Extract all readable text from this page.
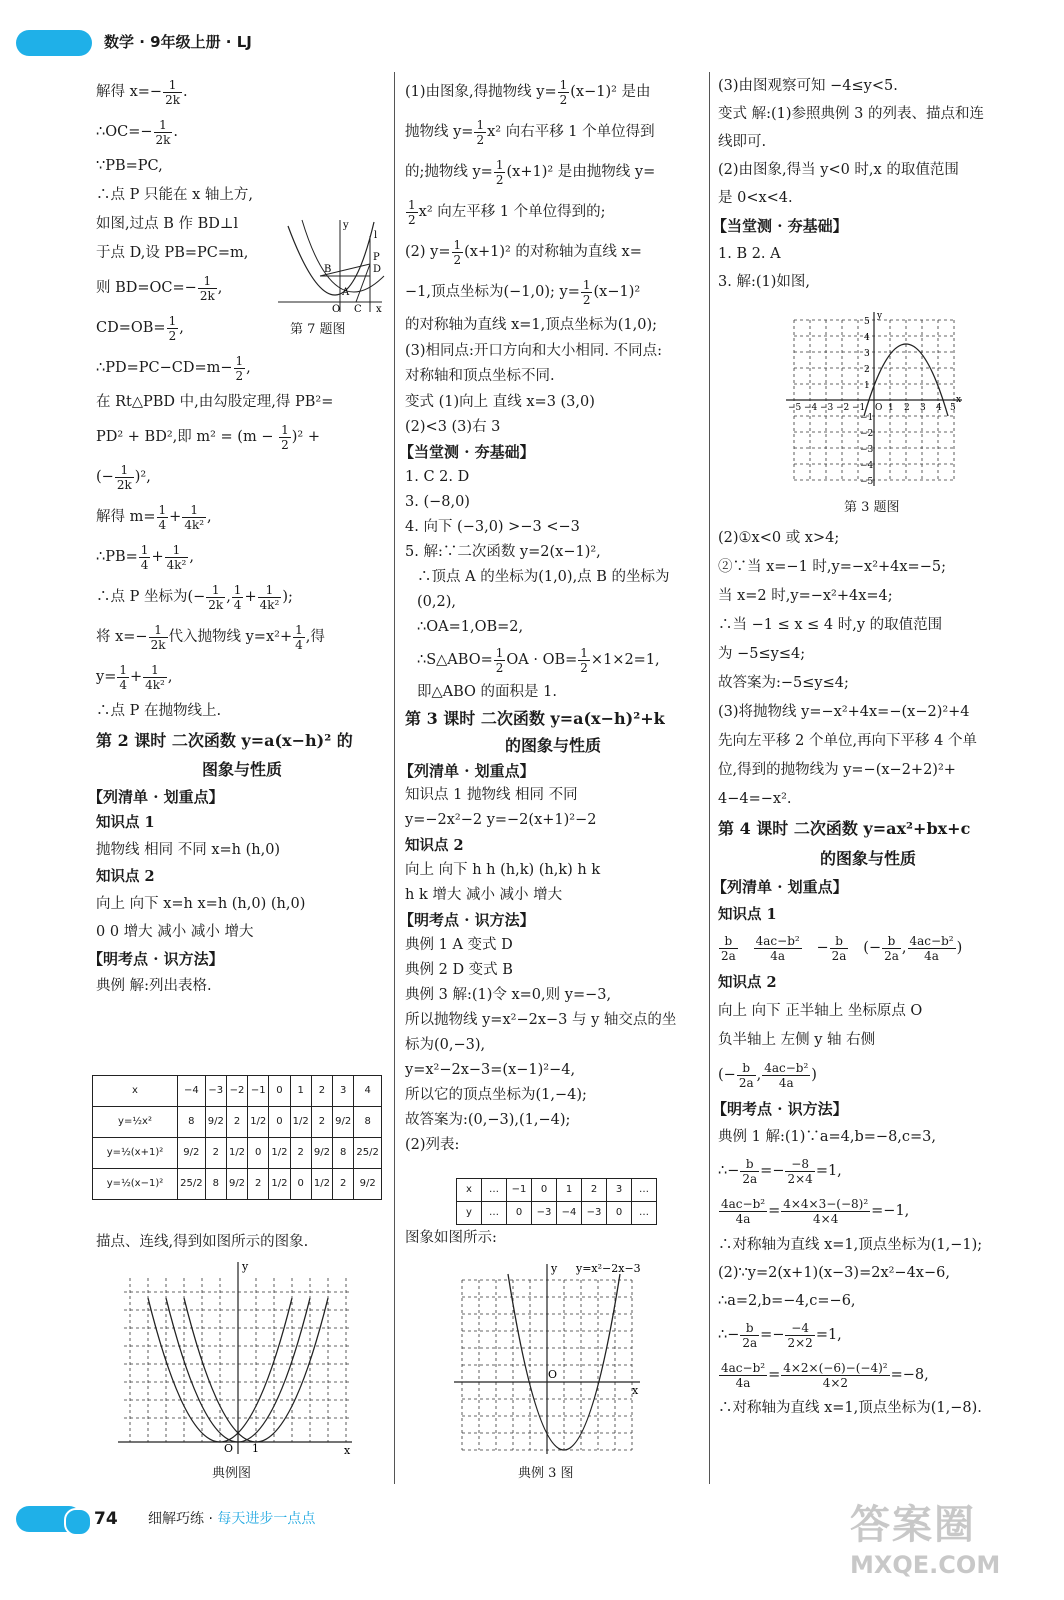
数学 · 9年级上册 · LJ
解得 $x=- \frac{1}{2k}$ .
∴OC=− $\frac{1}{2k}$ .
∵PB=PC,
∴点 P 只能在 x 轴上方,
如图,过点 B 作 BD⊥l
于点 D,设 PB=PC=m,
则 $BD=OC=- \frac{1}{2k}$ ,
$CD=OB= \frac{1}{2}$ ,
∴PD=PC−CD=m− $\frac{1}{2}$ ,
在 Rt△PBD 中,由勾股定理,得 PB²=
PD² + BD²,即 $m^2 = (m - \frac{1}{2} )^2$ +
(− $\frac{1}{2k} )^2$,
解得 $m= \frac{1}{4} + \frac{1}{\text{4k²}}$ ,
∴PB= $\frac{1}{4} + \frac{1}{\text{4k²}}$ ,
∴点 P 坐标为(− $\frac{1}{2k}$ , $\frac{1}{4} + \frac{1}{\text{4k²}}$ );
将 $x=- \frac{1}{2k}$ 代入抛物线 $y=x^2+ \frac{1}{4}$ ,得
$y= \frac{1}{4} + \frac{1}{\text{4k²}}$ ,
∴点 P 在抛物线上.
第 2 课时 二次函数 y=a(x−h)² 的
图象与性质
【列清单 · 划重点】
知识点 1
抛物线 相同 不同 x=h (h,0)
知识点 2
向上 向下 x=h x=h (h,0) (h,0)
0 0 增大 减小 减小 增大
【明考点 · 识方法】
典例 解:列出表格.
y
B	D
P
O
A
C x
l
第 7 题图
x	−4	−3	−2	−1	0	1	2	3	4
y=½x²	8	9/2	2	1/2	0	1/2	2	9/2	8
y=½(x+1)²	9/2	2	1/2	0	1/2	2	9/2	8	25/2
y=½(x−1)²	25/2	8	9/2	2	1/2	0	1/2	2	9/2
描点、连线,得到如图所示的图象.
y
O 1	x
典例图
(1)由图象,得抛物线 $y= \frac{1}{2} (x-1)^2$ 是由
抛物线 $y= \frac{1}{2} x^2$ 向右平移 1 个单位得到
的;抛物线 $y= \frac{1}{2} (x+1)^2$ 是由抛物线 y=
$\frac{1}{2} x^2$ 向左平移 1 个单位得到的;
(2) $y= \frac{1}{2} (x+1)^2$ 的对称轴为直线 x=
−1,顶点坐标为(−1,0); $y= \frac{1}{2} (x-1)^2$
的对称轴为直线 x=1,顶点坐标为(1,0);
(3)相同点:开口方向和大小相同. 不同点:
对称轴和顶点坐标不同.
变式 (1)向上 直线 x=3 (3,0)
(2)<3 (3)右 3
【当堂测 · 夯基础】
1. C 2. D
3. (−8,0)
4. 向下 (−3,0) >−3 <−3
5. 解:∵二次函数 y=2(x−1)²,
∴顶点 A 的坐标为(1,0),点 B 的坐标为
(0,2),
∴OA=1,OB=2,
∴S△ABO= $\frac{1}{2}$ OA · $OB= \frac{1}{2} \times 1\times 2=1$,
即△ABO 的面积是 1.
第 3 课时 二次函数 y=a(x−h)²+k
的图象与性质
【列清单 · 划重点】
知识点 1 抛物线 相同 不同
y=−2x²−2 y=−2(x+1)²−2
知识点 2
向上 向下 h h (h,k) (h,k) h k
h k 增大 减小 减小 增大
【明考点 · 识方法】
典例 1 A 变式 D
典例 2 D 变式 B
典例 3 解:(1)令 x=0,则 y=−3,
所以抛物线 y=x²−2x−3 与 y 轴交点的坐
标为(0,−3),
y=x²−2x−3=(x−1)²−4,
所以它的顶点坐标为(1,−4);
故答案为:(0,−3),(1,−4);
(2)列表:
x	…	−1	0	1	2	3	…
y	…	0	−3	−4	−3	0	…
图象如图所示:
y y=x²−2x−3
O
x
典例 3 图
(3)由图观察可知 −4≤y<5.
变式 解:(1)参照典例 3 的列表、描点和连
线即可.
(2)由图象,得当 y<0 时,x 的取值范围
是 0<x<4.
【当堂测 · 夯基础】
1. B 2. A
3. 解:(1)如图,
−5 −4 −3 −2 −1 O 1 2 3 4 5
x
5
4
3
2
1
−1
−2
−3
−4
−5
y
第 3 题图
(2)①x<0 或 x>4;
②∵当 x=−1 时,y=−x²+4x=−5;
当 x=2 时,y=−x²+4x=4;
∴当 −1 ≤ x ≤ 4 时,y 的取值范围
为 −5≤y≤4;
故答案为:−5≤y≤4;
(3)将抛物线 y=−x²+4x=−(x−2)²+4
先向左平移 2 个单位,再向下平移 4 个单
位,得到的抛物线为 y=−(x−2+2)²+
4−4=−x².
第 4 课时 二次函数 y=ax²+bx+c
的图象与性质
【列清单 · 划重点】
知识点 1
$\frac{b}{2a}$
$\frac{\text{4ac−b²}}{4a} - \frac{b}{2a}$ (− $\frac{b}{2a}$ , $\frac{\text{4ac−b²}}{4a}$ )
知识点 2
向上 向下 正半轴上 坐标原点 O
负半轴上 左侧 y 轴 右侧
(− $\frac{b}{2a}$ , $\frac{\text{4ac−b²}}{4a}$ )
【明考点 · 识方法】
典例 1 解:(1)∵a=4,b=−8,c=3,
∴− $\frac{b}{2a} =- \frac{-8}{2\times 4} =1$,
$\frac{\text{4ac−b²}}{4a} = \frac{\text{4×4×3−(−8)²}}{4\times 4} =-1$,
∴对称轴为直线 x=1,顶点坐标为(1,−1);
(2)∵y=2(x+1)(x−3)=2x²−4x−6,
∴a=2,b=−4,c=−6,
∴− $\frac{b}{2a} =- \frac{-4}{2\times 2} =1$,
$\frac{\text{4ac−b²}}{4a} = \frac{\text{4×2×(−6)−(−4)²}}{4\times 2} =-8$,
∴对称轴为直线 x=1,顶点坐标为(1,−8).
74 细解巧练 · 每天进步一点点	答案圈
MXQE.COM
